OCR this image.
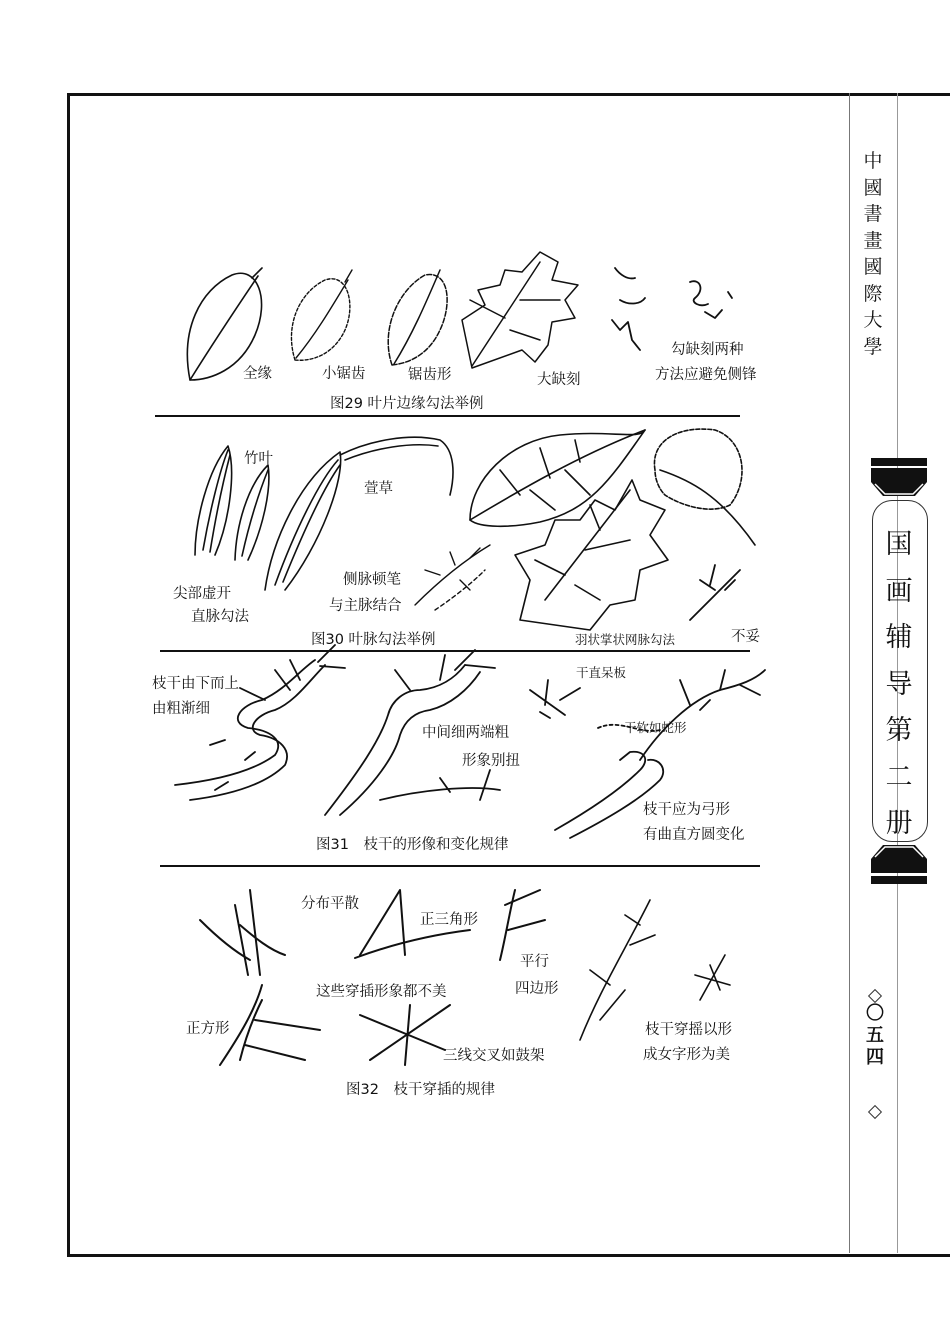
中
國
書
畫
國
際
大
學
国
画
辅
导
第
二
册
〇
五
四
全缘	小锯齿	锯齿形	大缺刻
勾缺刻两种
方法应避免侧锋
图29 叶片边缘勾法举例
竹叶
萱草
尖部虚开
直脉勾法
侧脉顿笔
与主脉结合
羽状掌状网脉勾法	不妥
图30 叶脉勾法举例
枝干由下而上
由粗渐细
中间细两端粗
形象别扭
干直呆板
干软如蛇形
枝干应为弓形
有曲直方圆变化
图31　枝干的形像和变化规律
分布平散
正三角形
平行
四边形
这些穿插形象都不美
正方形
三线交叉如鼓架
枝干穿摇以形
成女字形为美
图32　枝干穿插的规律
